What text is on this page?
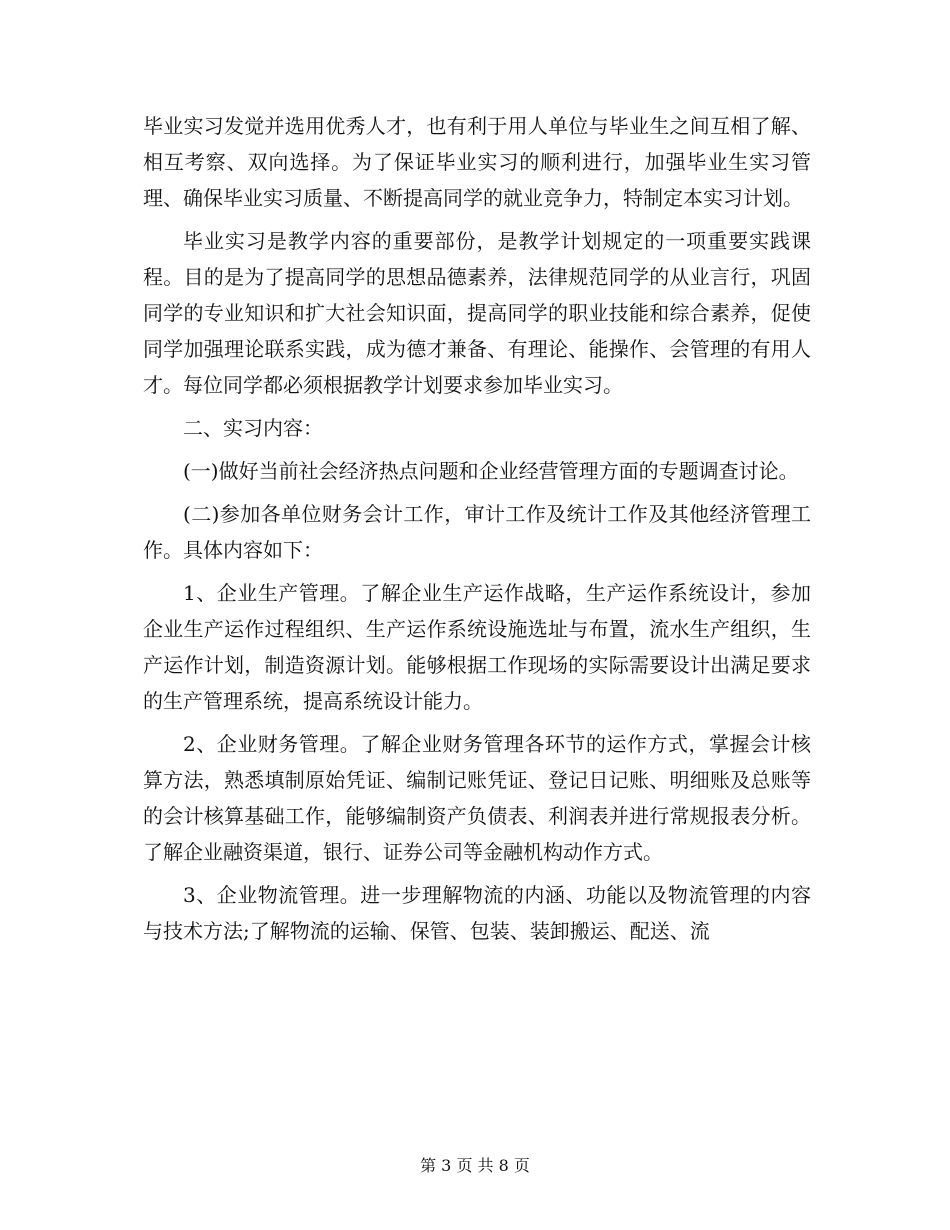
毕业实习发觉并选用优秀人才，也有利于用人单位与毕业生之间互相了解、相互考察、双向选择。为了保证毕业实习的顺利进行，加强毕业生实习管理、确保毕业实习质量、不断提高同学的就业竞争力，特制定本实习计划。

毕业实习是教学内容的重要部份，是教学计划规定的一项重要实践课程。目的是为了提高同学的思想品德素养，法律规范同学的从业言行，巩固同学的专业知识和扩大社会知识面，提高同学的职业技能和综合素养，促使同学加强理论联系实践，成为德才兼备、有理论、能操作、会管理的有用人才。每位同学都必须根据教学计划要求参加毕业实习。

二、实习内容：

(一)做好当前社会经济热点问题和企业经营管理方面的专题调查讨论。

(二)参加各单位财务会计工作，审计工作及统计工作及其他经济管理工作。具体内容如下：

1、企业生产管理。了解企业生产运作战略，生产运作系统设计，参加企业生产运作过程组织、生产运作系统设施选址与布置，流水生产组织，生产运作计划，制造资源计划。能够根据工作现场的实际需要设计出满足要求的生产管理系统，提高系统设计能力。

2、企业财务管理。了解企业财务管理各环节的运作方式，掌握会计核算方法，熟悉填制原始凭证、编制记账凭证、登记日记账、明细账及总账等的会计核算基础工作，能够编制资产负债表、利润表并进行常规报表分析。了解企业融资渠道，银行、证券公司等金融机构动作方式。

3、企业物流管理。进一步理解物流的内涵、功能以及物流管理的内容与技术方法;了解物流的运输、保管、包装、装卸搬运、配送、流

第 3 页 共 8 页
